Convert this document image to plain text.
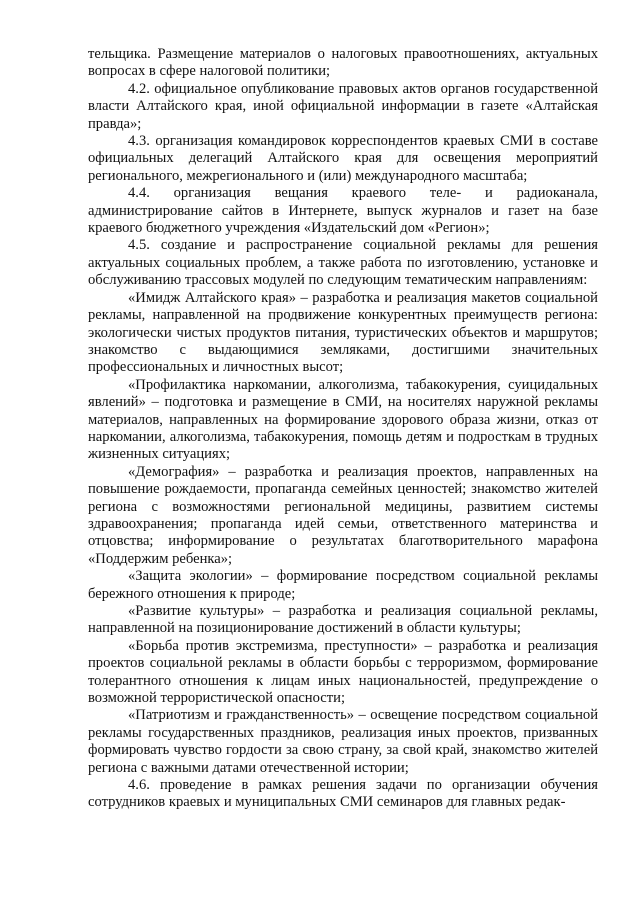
тельщика. Размещение материалов о налоговых правоотношениях, актуальных вопросах в сфере налоговой политики;

4.2. официальное опубликование правовых актов органов государственной власти Алтайского края, иной официальной информации в газете «Алтайская правда»;

4.3. организация командировок корреспондентов краевых СМИ в составе официальных делегаций Алтайского края для освещения мероприятий регионального, межрегионального и (или) международного масштаба;

4.4. организация вещания краевого теле- и радиоканала, администрирование сайтов в Интернете, выпуск журналов и газет на базе краевого бюджетного учреждения «Издательский дом «Регион»;

4.5. создание и распространение социальной рекламы для решения актуальных социальных проблем, а также работа по изготовлению, установке и обслуживанию трассовых модулей по следующим тематическим направлениям:

«Имидж Алтайского края» – разработка и реализация макетов социальной рекламы, направленной на продвижение конкурентных преимуществ региона: экологически чистых продуктов питания, туристических объектов и маршрутов; знакомство с выдающимися земляками, достигшими значительных профессиональных и личностных высот;

«Профилактика наркомании, алкоголизма, табакокурения, суицидальных явлений» – подготовка и размещение в СМИ, на носителях наружной рекламы материалов, направленных на формирование здорового образа жизни, отказ от наркомании, алкоголизма, табакокурения, помощь детям и подросткам в трудных жизненных ситуациях;

«Демография» – разработка и реализация проектов, направленных на повышение рождаемости, пропаганда семейных ценностей; знакомство жителей региона с возможностями региональной медицины, развитием системы здравоохранения; пропаганда идей семьи, ответственного материнства и отцовства; информирование о результатах благотворительного марафона «Поддержим ребенка»;

«Защита экологии» – формирование посредством социальной рекламы бережного отношения к природе;

«Развитие культуры» – разработка и реализация социальной рекламы, направленной на позиционирование достижений в области культуры;

«Борьба против экстремизма, преступности» – разработка и реализация проектов социальной рекламы в области борьбы с терроризмом, формирование толерантного отношения к лицам иных национальностей, предупреждение о возможной террористической опасности;

«Патриотизм и гражданственность» – освещение посредством социальной рекламы государственных праздников, реализация иных проектов, призванных формировать чувство гордости за свою страну, за свой край, знакомство жителей региона с важными датами отечественной истории;

4.6. проведение в рамках решения задачи по организации обучения сотрудников краевых и муниципальных СМИ семинаров для главных редак-
